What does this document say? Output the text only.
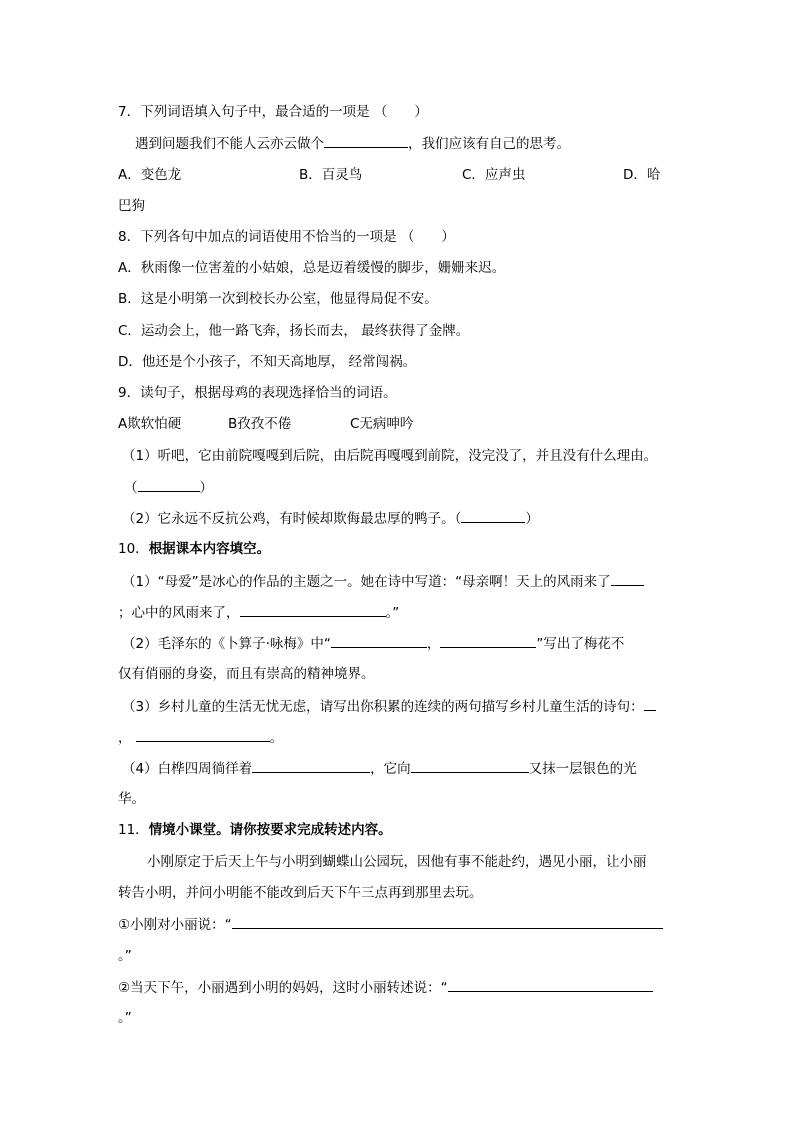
7．下列词语填入句子中，最合适的一项是 （　　）
遇到问题我们不能人云亦云做个	，我们应该有自己的思考。
A．变色龙	B．百灵鸟	C．应声虫	D．哈
巴狗
8．下列各句中加点的词语使用不恰当的一项是 （　　）
A．秋雨像一位害羞的小姑娘，总是迈着缓慢的脚步，姗姗来迟。
B．这是小明第一次到校长办公室，他显得局促不安。
C．运动会上，他一路飞奔，扬长而去， 最终获得了金牌。
D．他还是个小孩子，不知天高地厚， 经常闯祸。
9．读句子，根据母鸡的表现选择恰当的词语。
A欺软怕硬	B孜孜不倦	C无病呻吟
（1）听吧，它由前院嘎嘎到后院，由后院再嘎嘎到前院，没完没了，并且没有什么理由。
（	）
（2）它永远不反抗公鸡，有时候却欺侮最忠厚的鸭子。（	）
10．根据课本内容填空。
（1）“母爱”是冰心的作品的主题之一。她在诗中写道：“母亲啊！天上的风雨来了
；心中的风雨来了，	。”
（2）毛泽东的《卜算子·咏梅》中“	，	”写出了梅花不
仅有俏丽的身姿，而且有崇高的精神境界。
（3）乡村儿童的生活无忧无虑，请写出你积累的连续的两句描写乡村儿童生活的诗句：
，	。
（4）白桦四周徜徉着	，它向	又抹一层银色的光
华。
11．情境小课堂。请你按要求完成转述内容。
小刚原定于后天上午与小明到蝴蝶山公园玩，因他有事不能赴约，遇见小丽，让小丽
转告小明，并问小明能不能改到后天下午三点再到那里去玩。
①小刚对小丽说：“
。”
②当天下午，小丽遇到小明的妈妈，这时小丽转述说：“
。”
